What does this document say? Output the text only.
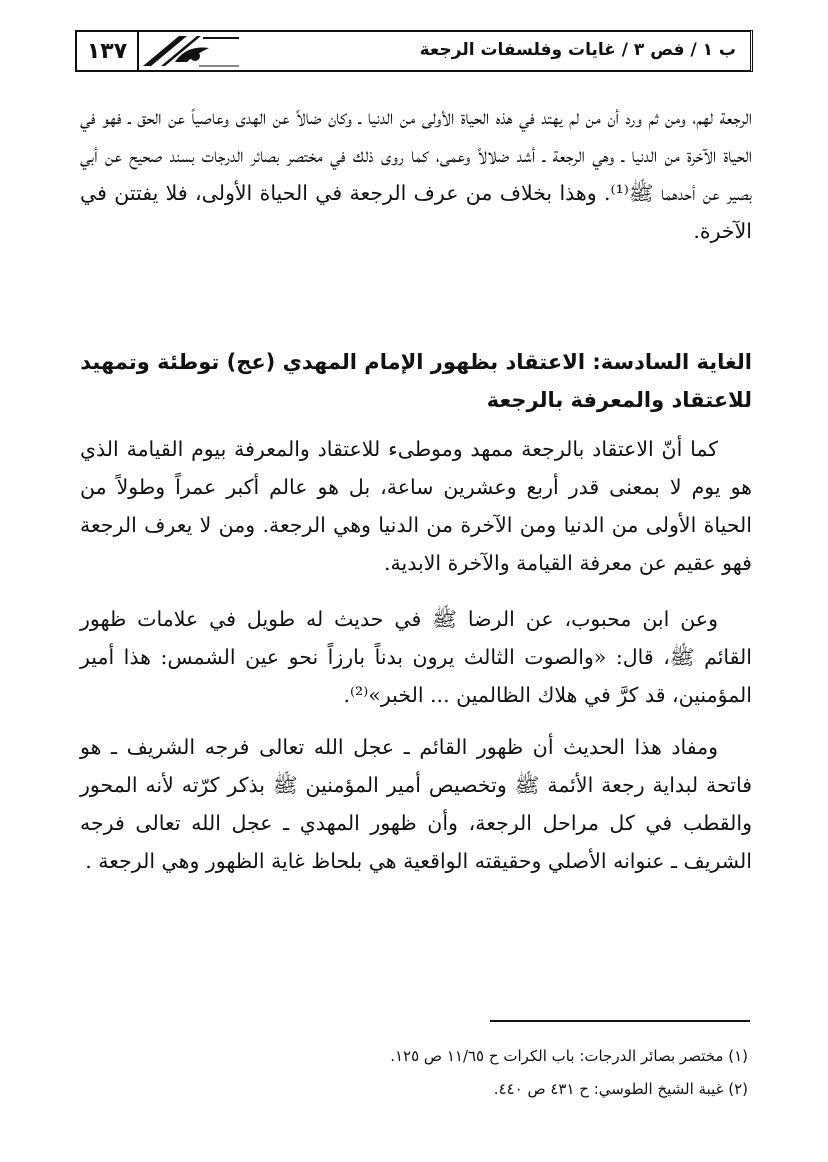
١٣٧	ب ١ / فص ٣ / غايات وفلسفات الرجعة

الرجعة لهم، ومن ثم ورد أن من لم يهتد في هذه الحياة الأولى من الدنيا ـ وكان ضالاً عن الهدى وعاصياً عن الحق ـ فهو في الحياة الآخرة من الدنيا ـ وهي الرجعة ـ أشد ضلالاً وعمى، كما روى ذلك في مختصر بصائر الدرجات بسند صحيح عن أبي بصير عن أحدهما ﷺ⁽¹⁾. وهذا بخلاف من عرف الرجعة في الحياة الأولى، فلا يفتتن في الآخرة.

الغاية السادسة: الاعتقاد بظهور الإمام المهدي (عج) توطئة وتمهيد للاعتقاد والمعرفة بالرجعة

كما أنّ الاعتقاد بالرجعة ممهد وموطىء للاعتقاد والمعرفة بيوم القيامة الذي هو يوم لا بمعنى قدر أربع وعشرين ساعة، بل هو عالم أكبر عمراً وطولاً من الحياة الأولى من الدنيا ومن الآخرة من الدنيا وهي الرجعة. ومن لا يعرف الرجعة فهو عقيم عن معرفة القيامة والآخرة الابدية.

وعن ابن محبوب، عن الرضا ﷺ في حديث له طويل في علامات ظهور القائم ﷺ، قال: «والصوت الثالث يرون بدناً بارزاً نحو عين الشمس: هذا أمير المؤمنين، قد كرَّ في هلاك الظالمين ... الخبر»⁽²⁾.

ومفاد هذا الحديث أن ظهور القائم ـ عجل الله تعالى فرجه الشريف ـ هو فاتحة لبداية رجعة الأئمة ﷺ وتخصيص أمير المؤمنين ﷺ بذكر كرّته لأنه المحور والقطب في كل مراحل الرجعة، وأن ظهور المهدي ـ عجل الله تعالى فرجه الشريف ـ عنوانه الأصلي وحقيقته الواقعية هي بلحاظ غاية الظهور وهي الرجعة .

(١) مختصر بصائر الدرجات: باب الكرات ح ١١/٦٥ ص ١٢٥.
(٢) غيبة الشيخ الطوسي: ح ٤٣١ ص ٤٤٠.
